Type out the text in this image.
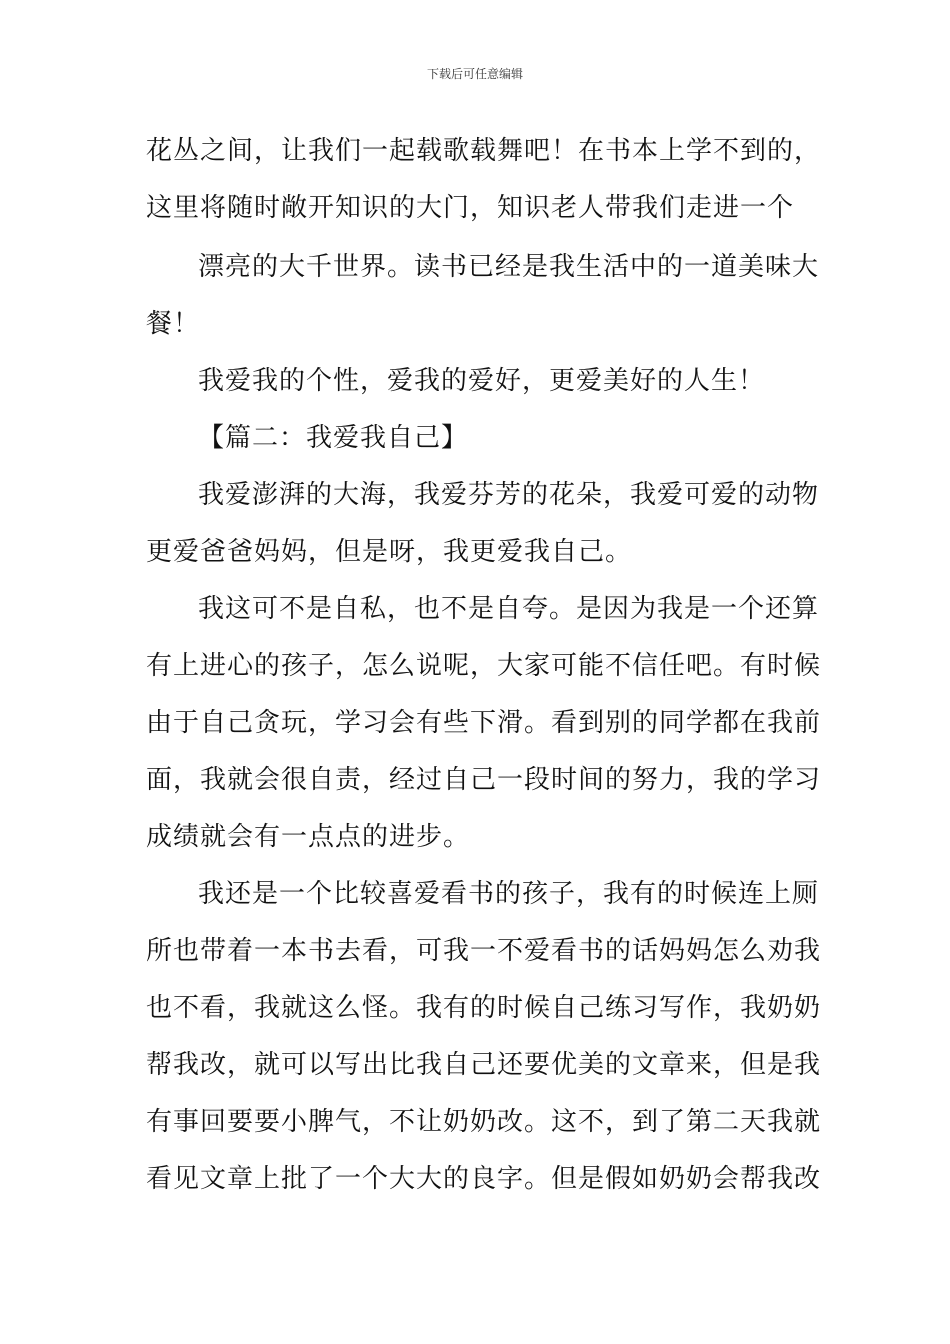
下载后可任意编辑
花丛之间，让我们一起载歌载舞吧！在书本上学不到的，
这里将随时敞开知识的大门，知识老人带我们走进一个
漂亮的大千世界。读书已经是我生活中的一道美味大
餐！
我爱我的个性，爱我的爱好，更爱美好的人生！
【篇二：我爱我自己】
我爱澎湃的大海，我爱芬芳的花朵，我爱可爱的动物
更爱爸爸妈妈，但是呀，我更爱我自己。
我这可不是自私，也不是自夸。是因为我是一个还算
有上进心的孩子，怎么说呢，大家可能不信任吧。有时候
由于自己贪玩，学习会有些下滑。看到别的同学都在我前
面，我就会很自责，经过自己一段时间的努力，我的学习
成绩就会有一点点的进步。
我还是一个比较喜爱看书的孩子，我有的时候连上厕
所也带着一本书去看，可我一不爱看书的话妈妈怎么劝我
也不看，我就这么怪。我有的时候自己练习写作，我奶奶
帮我改，就可以写出比我自己还要优美的文章来，但是我
有事回要要小脾气，不让奶奶改。这不，到了第二天我就
看见文章上批了一个大大的良字。但是假如奶奶会帮我改
